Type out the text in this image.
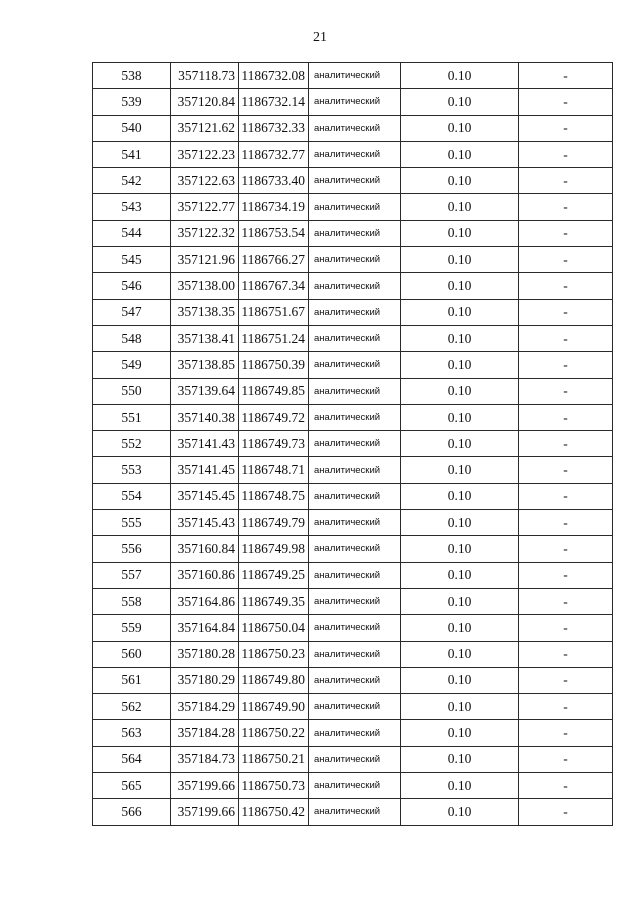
21
538	357118.73	1186732.08	аналитический	0.10	-
539	357120.84	1186732.14	аналитический	0.10	-
540	357121.62	1186732.33	аналитический	0.10	-
541	357122.23	1186732.77	аналитический	0.10	-
542	357122.63	1186733.40	аналитический	0.10	-
543	357122.77	1186734.19	аналитический	0.10	-
544	357122.32	1186753.54	аналитический	0.10	-
545	357121.96	1186766.27	аналитический	0.10	-
546	357138.00	1186767.34	аналитический	0.10	-
547	357138.35	1186751.67	аналитический	0.10	-
548	357138.41	1186751.24	аналитический	0.10	-
549	357138.85	1186750.39	аналитический	0.10	-
550	357139.64	1186749.85	аналитический	0.10	-
551	357140.38	1186749.72	аналитический	0.10	-
552	357141.43	1186749.73	аналитический	0.10	-
553	357141.45	1186748.71	аналитический	0.10	-
554	357145.45	1186748.75	аналитический	0.10	-
555	357145.43	1186749.79	аналитический	0.10	-
556	357160.84	1186749.98	аналитический	0.10	-
557	357160.86	1186749.25	аналитический	0.10	-
558	357164.86	1186749.35	аналитический	0.10	-
559	357164.84	1186750.04	аналитический	0.10	-
560	357180.28	1186750.23	аналитический	0.10	-
561	357180.29	1186749.80	аналитический	0.10	-
562	357184.29	1186749.90	аналитический	0.10	-
563	357184.28	1186750.22	аналитический	0.10	-
564	357184.73	1186750.21	аналитический	0.10	-
565	357199.66	1186750.73	аналитический	0.10	-
566	357199.66	1186750.42	аналитический	0.10	-
